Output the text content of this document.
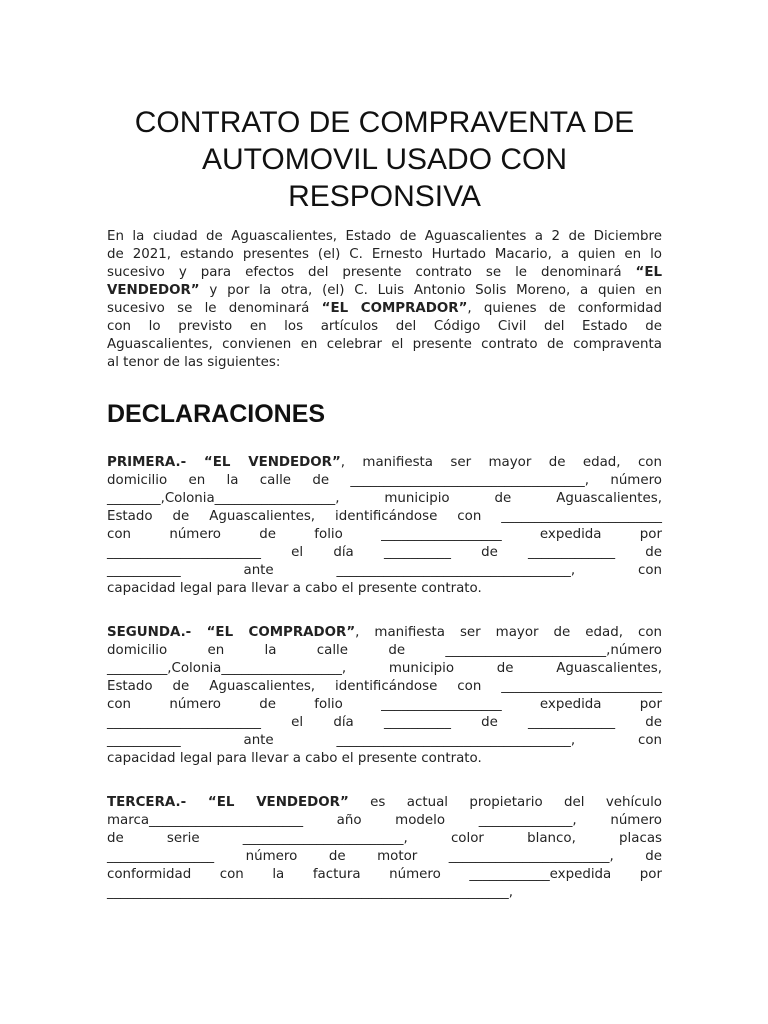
CONTRATO DE COMPRAVENTA DE
AUTOMOVIL USADO CON
RESPONSIVA
En la ciudad de Aguascalientes, Estado de Aguascalientes a 2 de Diciembre
de 2021, estando presentes (el) C. Ernesto Hurtado Macario, a quien en lo
sucesivo y para efectos del presente contrato se le denominará “EL
VENDEDOR” y por la otra, (el) C. Luis Antonio Solis Moreno, a quien en
sucesivo se le denominará “EL COMPRADOR”, quienes de conformidad
con lo previsto en los artículos del Código Civil del Estado de
Aguascalientes, convienen en celebrar el presente contrato de compraventa
al tenor de las siguientes:
DECLARACIONES
PRIMERA.- “EL VENDEDOR”, manifiesta ser mayor de edad, con
domicilio en la calle de ___________________________________, número
________,Colonia__________________, municipio de Aguascalientes,
Estado de Aguascalientes, identificándose con ________________________
con número de folio __________________ expedida por
_______________________ el día __________ de _____________ de
___________ ante ___________________________________, con
capacidad legal para llevar a cabo el presente contrato.
SEGUNDA.- “EL COMPRADOR”, manifiesta ser mayor de edad, con
domicilio en la calle de ________________________,número
_________,Colonia__________________, municipio de Aguascalientes,
Estado de Aguascalientes, identificándose con ________________________
con número de folio __________________ expedida por
_______________________ el día __________ de _____________ de
___________ ante ___________________________________, con
capacidad legal para llevar a cabo el presente contrato.
TERCERA.- “EL VENDEDOR” es actual propietario del vehículo
marca_______________________ año modelo ______________, número
de serie ________________________, color blanco, placas
________________ número de motor ________________________, de
conformidad con la factura número ____________expedida por
____________________________________________________________,
